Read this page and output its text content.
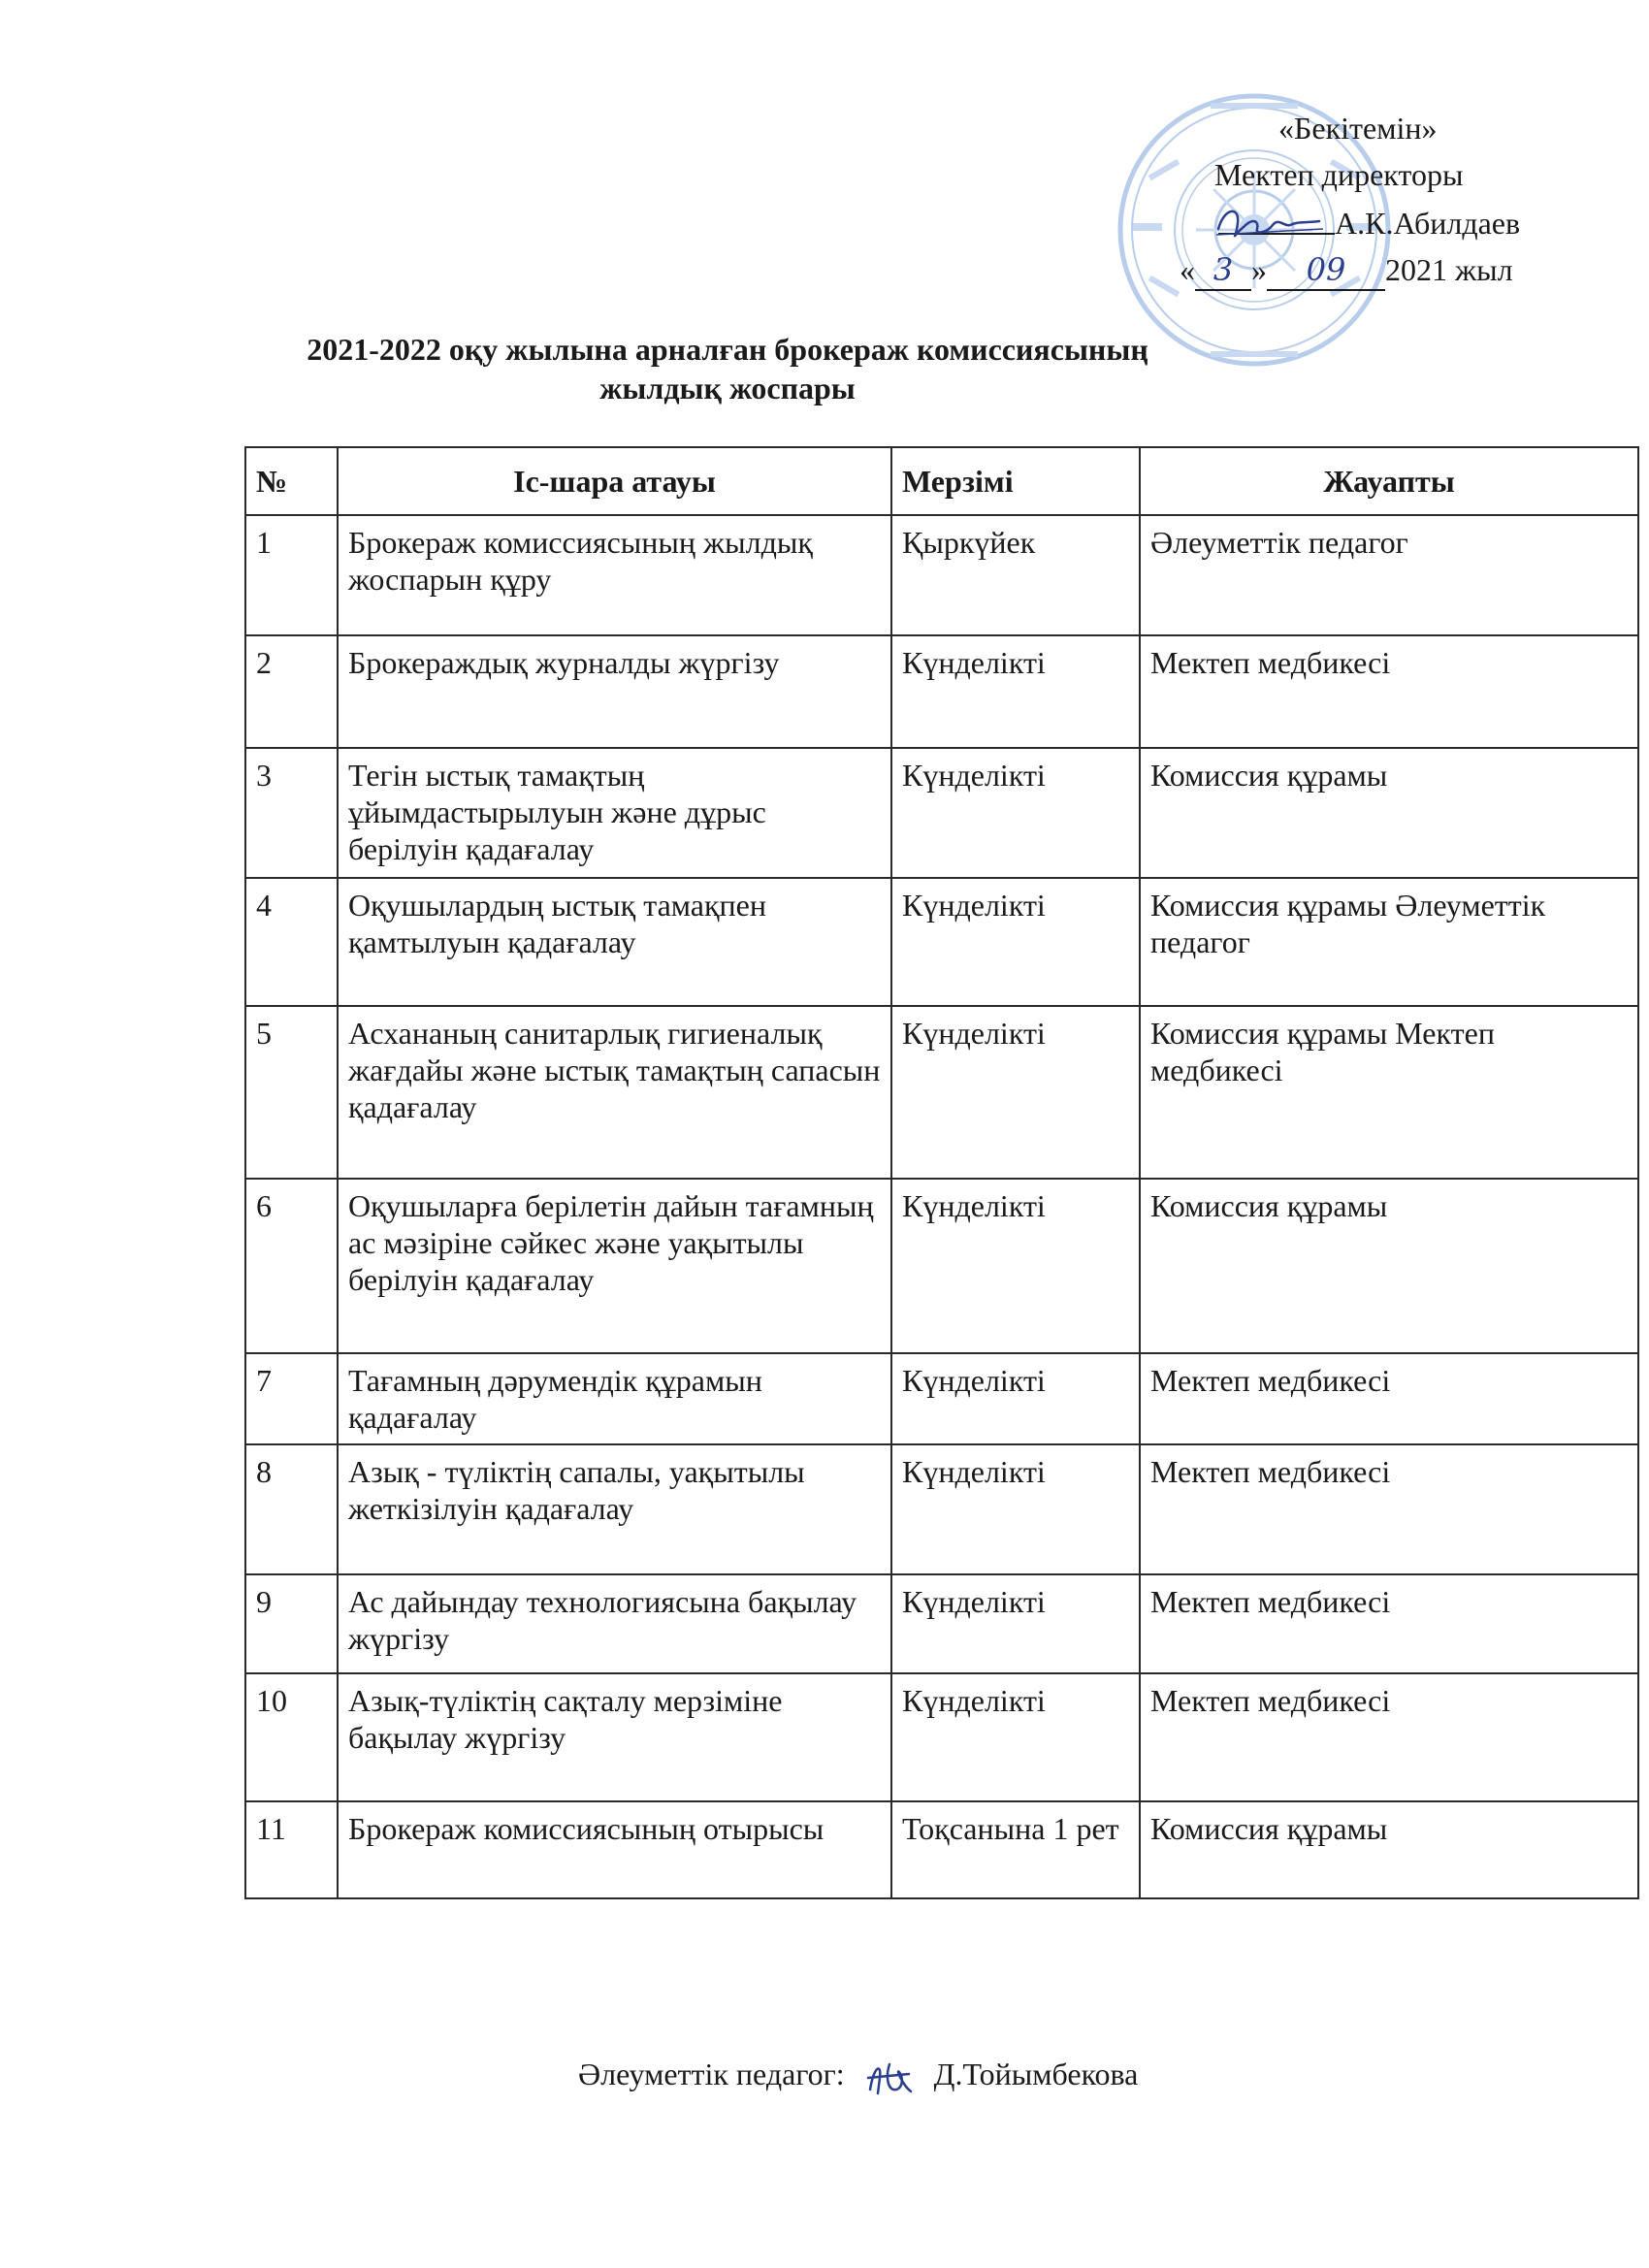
«Бекітемін»
Мектеп директоры
А.К.Абилдаев
« 3 » 09 2021 жыл
2021-2022 оқу жылына арналған брокераж комиссиясының
жылдық жоспары
№	Іс-шара атауы	Мерзімі	Жауапты
1	Брокераж комиссиясының жылдық жоспарын құру	Қыркүйек	Әлеуметтік педагог
2	Брокераждық журналды жүргізу	Күнделікті	Мектеп медбикесі
3	Тегін ыстық тамақтың ұйымдастырылуын және дұрыс берілуін қадағалау	Күнделікті	Комиссия құрамы
4	Оқушылардың ыстық тамақпен қамтылуын қадағалау	Күнделікті	Комиссия құрамы Әлеуметтік педагог
5	Асхананың санитарлық гигиеналық жағдайы және ыстық тамақтың сапасын қадағалау	Күнделікті	Комиссия құрамы Мектеп медбикесі
6	Оқушыларға берілетін дайын тағамның ас мәзіріне сәйкес және уақытылы берілуін қадағалау	Күнделікті	Комиссия құрамы
7	Тағамның дәрумендік құрамын қадағалау	Күнделікті	Мектеп медбикесі
8	Азық - түліктің сапалы, уақытылы жеткізілуін қадағалау	Күнделікті	Мектеп медбикесі
9	Ас дайындау технологиясына бақылау жүргізу	Күнделікті	Мектеп медбикесі
10	Азық-түліктің сақталу мерзіміне бақылау жүргізу	Күнделікті	Мектеп медбикесі
11	Брокераж комиссиясының отырысы	Тоқсанына 1 рет	Комиссия құрамы
Әлеуметтік педагог:	Д.Тойымбекова
